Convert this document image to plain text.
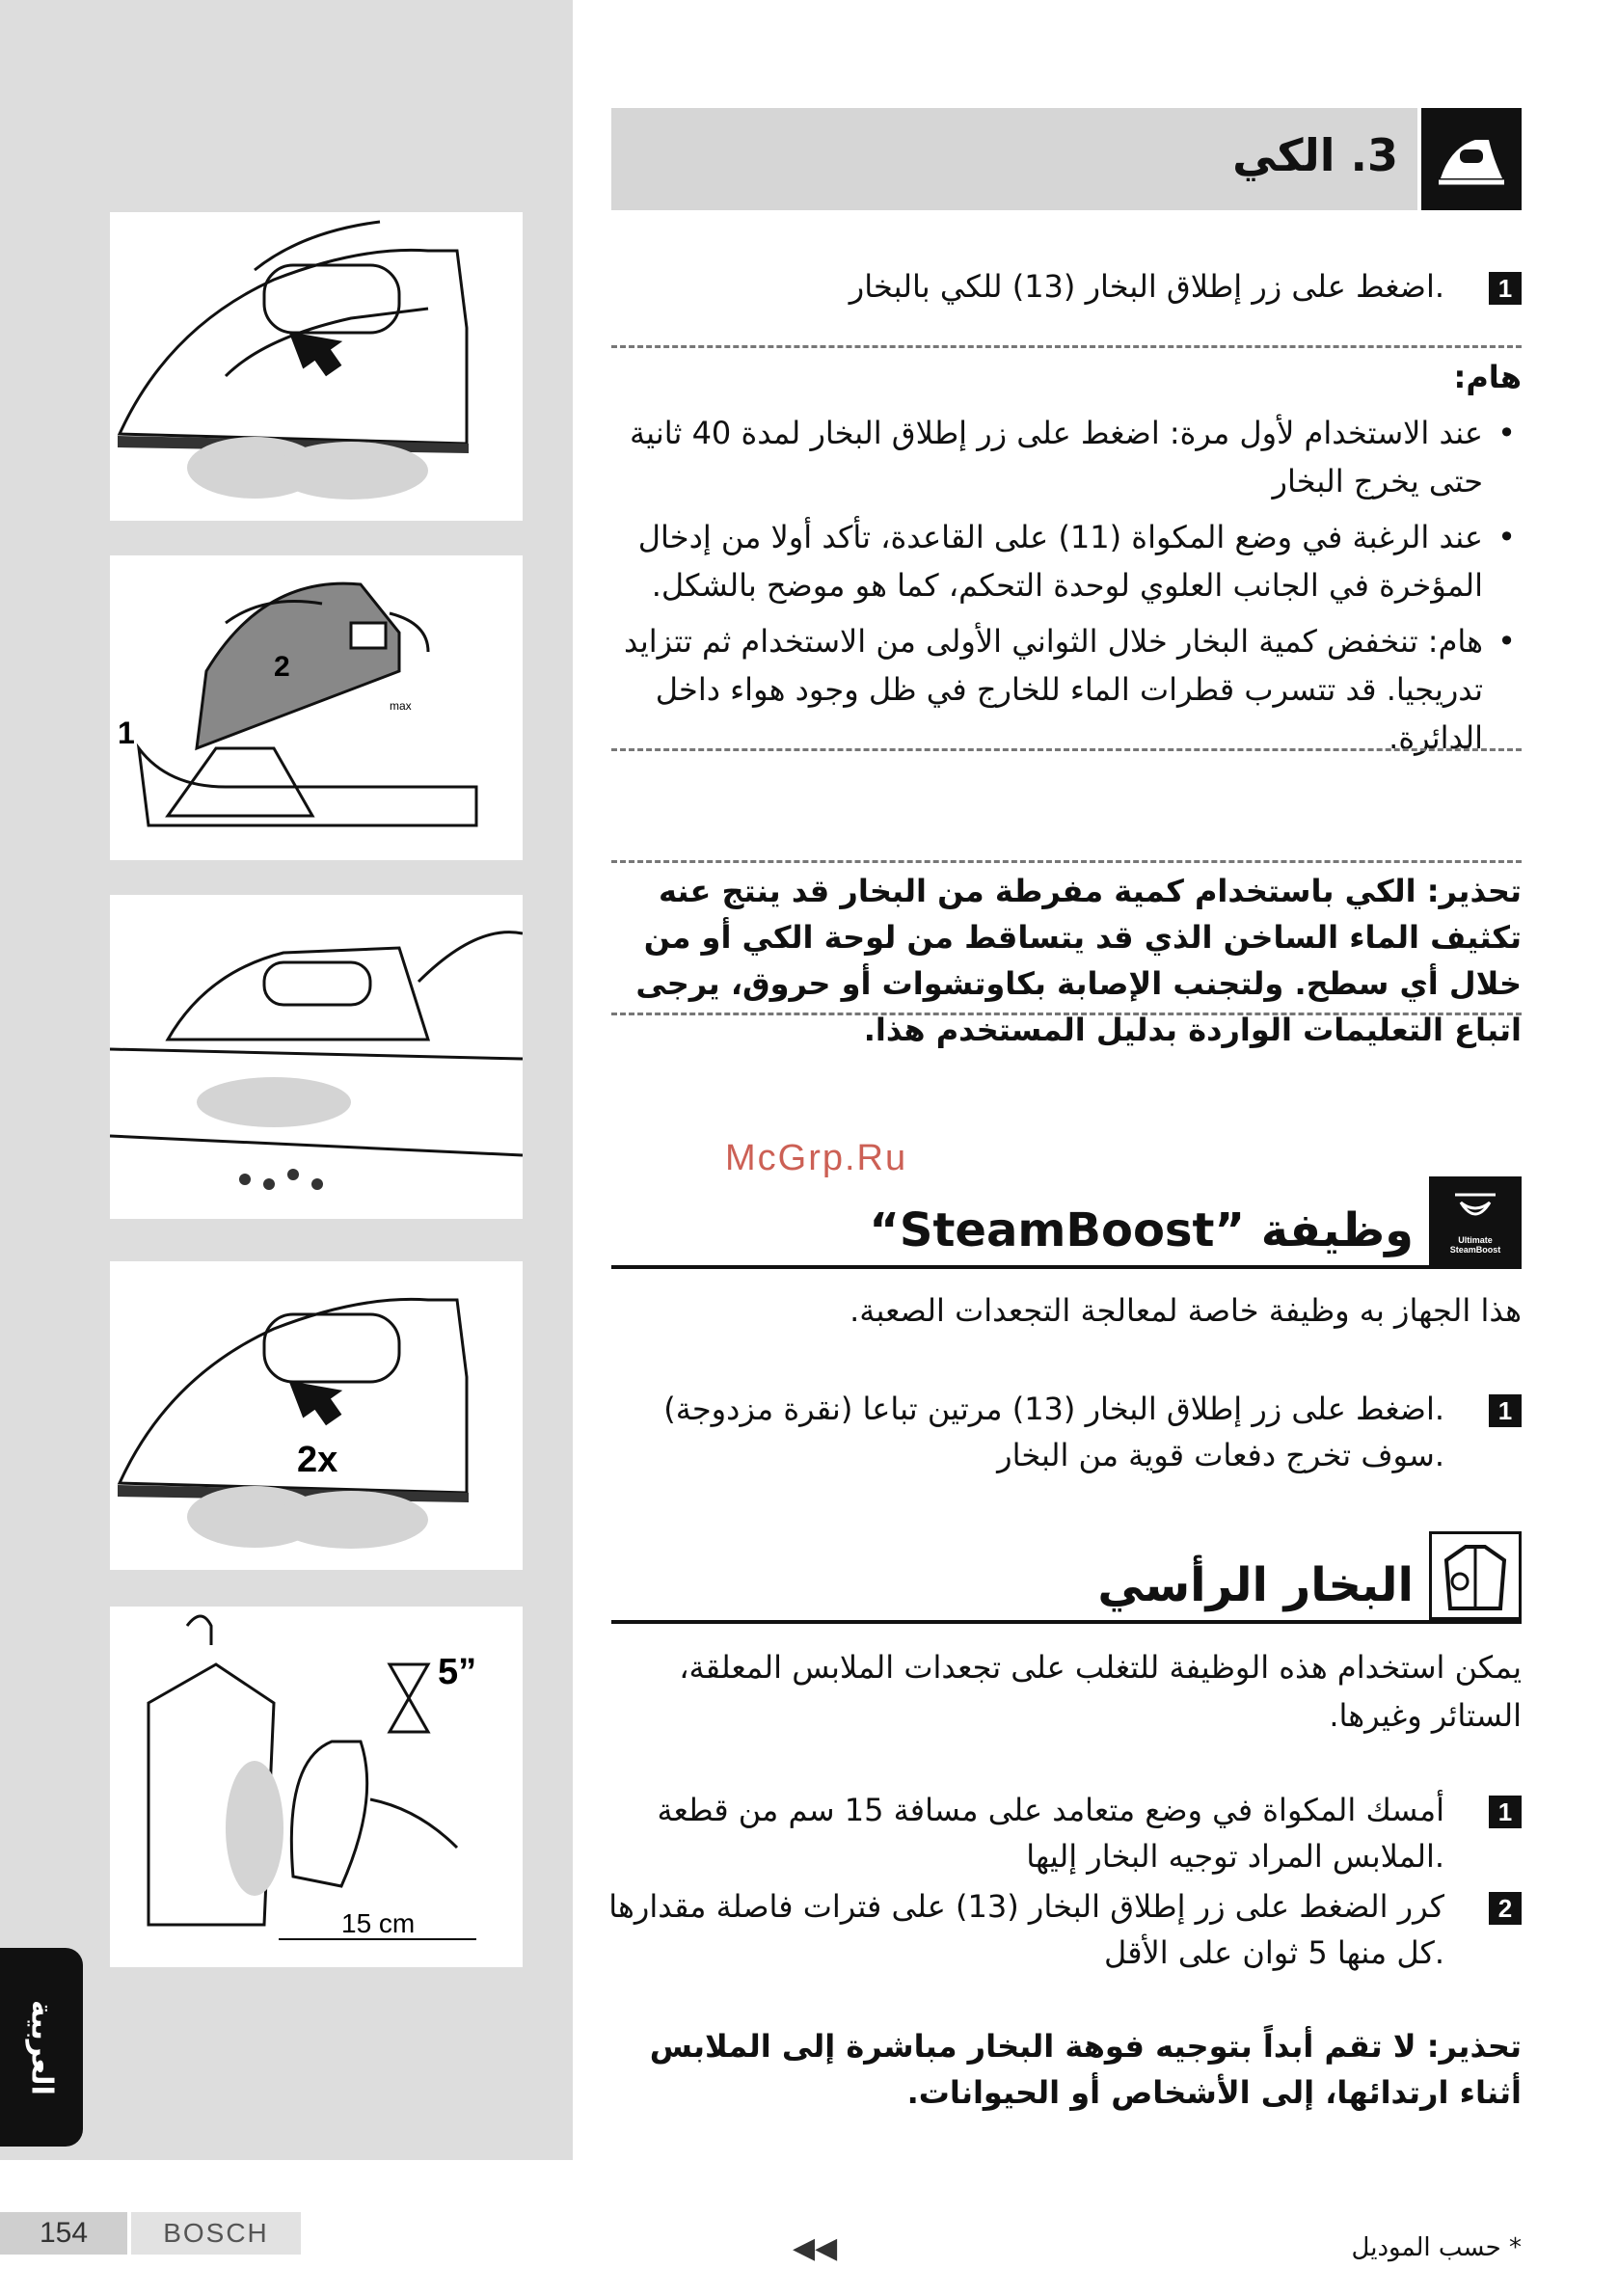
2
1
max
2x
5”
15 cm
العربية
3. الكي
1
اضغط على زر إطلاق البخار (13) للكي بالبخار.
هام:
• عند الاستخدام لأول مرة: اضغط على زر إطلاق البخار لمدة 40 ثانية حتى يخرج البخار
• عند الرغبة في وضع المكواة (11) على القاعدة، تأكد أولا من إدخال المؤخرة في الجانب العلوي لوحدة التحكم، كما هو موضح بالشكل.
• هام: تنخفض كمية البخار خلال الثواني الأولى من الاستخدام ثم تتزايد تدريجيا. قد تتسرب قطرات الماء للخارج في ظل وجود هواء داخل الدائرة.
تحذير: الكي باستخدام كمية مفرطة من البخار قد ينتج عنه تكثيف الماء الساخن الذي قد يتساقط من لوحة الكي أو من خلال أي سطح. ولتجنب الإصابة بكاوتشوات أو حروق، يرجى اتباع التعليمات الواردة بدليل المستخدم هذا.
McGrp.Ru
وظيفة ”SteamBoost“	Ultimate
SteamBoost
هذا الجهاز به وظيفة خاصة لمعالجة التجعدات الصعبة.
1
اضغط على زر إطلاق البخار (13) مرتين تباعا (نقرة مزدوجة).
سوف تخرج دفعات قوية من البخار.
البخار الرأسي
يمكن استخدام هذه الوظيفة للتغلب على تجعدات الملابس المعلقة، الستائر وغيرها.
1
أمسك المكواة في وضع متعامد على مسافة 15 سم من قطعة
الملابس المراد توجيه البخار إليها.
2
كرر الضغط على زر إطلاق البخار (13) على فترات فاصلة مقدارها
كل منها 5 ثوان على الأقل.
تحذير: لا تقم أبداً بتوجيه فوهة البخار مباشرة إلى الملابس أثناء ارتدائها، إلى الأشخاص أو الحيوانات.
154	BOSCH	◀◀	* حسب الموديل
